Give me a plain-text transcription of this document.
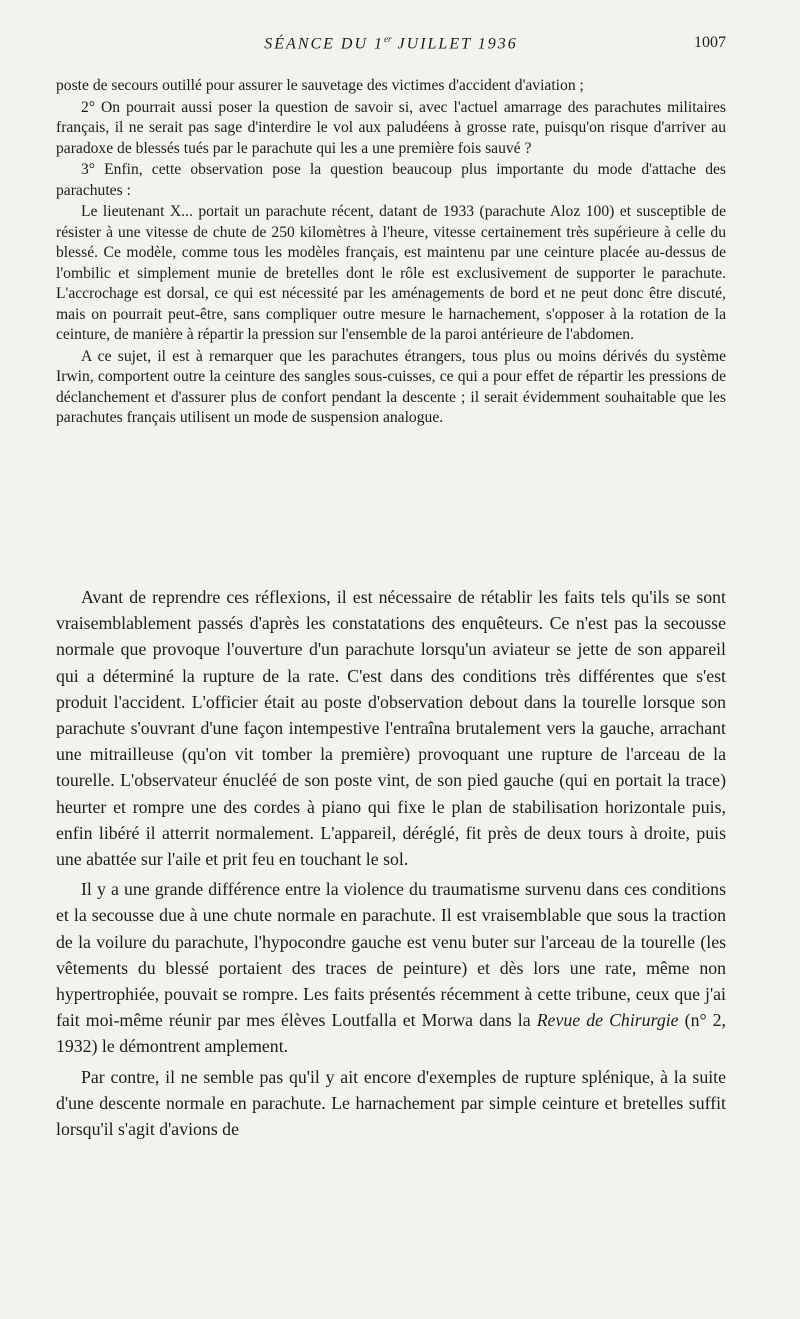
SÉANCE DU 1er JUILLET 1936	1007

poste de secours outillé pour assurer le sauvetage des victimes d'accident d'aviation ;

2° On pourrait aussi poser la question de savoir si, avec l'actuel amarrage des parachutes militaires français, il ne serait pas sage d'interdire le vol aux paludéens à grosse rate, puisqu'on risque d'arriver au paradoxe de blessés tués par le parachute qui les a une première fois sauvé ?

3° Enfin, cette observation pose la question beaucoup plus importante du mode d'attache des parachutes :

Le lieutenant X... portait un parachute récent, datant de 1933 (parachute Aloz 100) et susceptible de résister à une vitesse de chute de 250 kilomètres à l'heure, vitesse certainement très supérieure à celle du blessé. Ce modèle, comme tous les modèles français, est maintenu par une ceinture placée au-dessus de l'ombilic et simplement munie de bretelles dont le rôle est exclusivement de supporter le parachute. L'accrochage est dorsal, ce qui est nécessité par les aménagements de bord et ne peut donc être discuté, mais on pourrait peut-être, sans compliquer outre mesure le harnachement, s'opposer à la rotation de la ceinture, de manière à répartir la pression sur l'ensemble de la paroi antérieure de l'abdomen.

A ce sujet, il est à remarquer que les parachutes étrangers, tous plus ou moins dérivés du système Irwin, comportent outre la ceinture des sangles sous-cuisses, ce qui a pour effet de répartir les pressions de déclanchement et d'assurer plus de confort pendant la descente ; il serait évidemment souhaitable que les parachutes français utilisent un mode de suspension analogue.

Avant de reprendre ces réflexions, il est nécessaire de rétablir les faits tels qu'ils se sont vraisemblablement passés d'après les constatations des enquêteurs. Ce n'est pas la secousse normale que provoque l'ouverture d'un parachute lorsqu'un aviateur se jette de son appareil qui a déterminé la rupture de la rate. C'est dans des conditions très différentes que s'est produit l'accident. L'officier était au poste d'observation debout dans la tourelle lorsque son parachute s'ouvrant d'une façon intempestive l'entraîna brutalement vers la gauche, arrachant une mitrailleuse (qu'on vit tomber la première) provoquant une rupture de l'arceau de la tourelle. L'observateur énucléé de son poste vint, de son pied gauche (qui en portait la trace) heurter et rompre une des cordes à piano qui fixe le plan de stabilisation horizontale puis, enfin libéré il atterrit normalement. L'appareil, déréglé, fit près de deux tours à droite, puis une abattée sur l'aile et prit feu en touchant le sol.

Il y a une grande différence entre la violence du traumatisme survenu dans ces conditions et la secousse due à une chute normale en parachute. Il est vraisemblable que sous la traction de la voilure du parachute, l'hypocondre gauche est venu buter sur l'arceau de la tourelle (les vêtements du blessé portaient des traces de peinture) et dès lors une rate, même non hypertrophiée, pouvait se rompre. Les faits présentés récemment à cette tribune, ceux que j'ai fait moi-même réunir par mes élèves Loutfalla et Morwa dans la Revue de Chirurgie (n° 2, 1932) le démontrent amplement.

Par contre, il ne semble pas qu'il y ait encore d'exemples de rupture splénique, à la suite d'une descente normale en parachute. Le harnachement par simple ceinture et bretelles suffit lorsqu'il s'agit d'avions de
